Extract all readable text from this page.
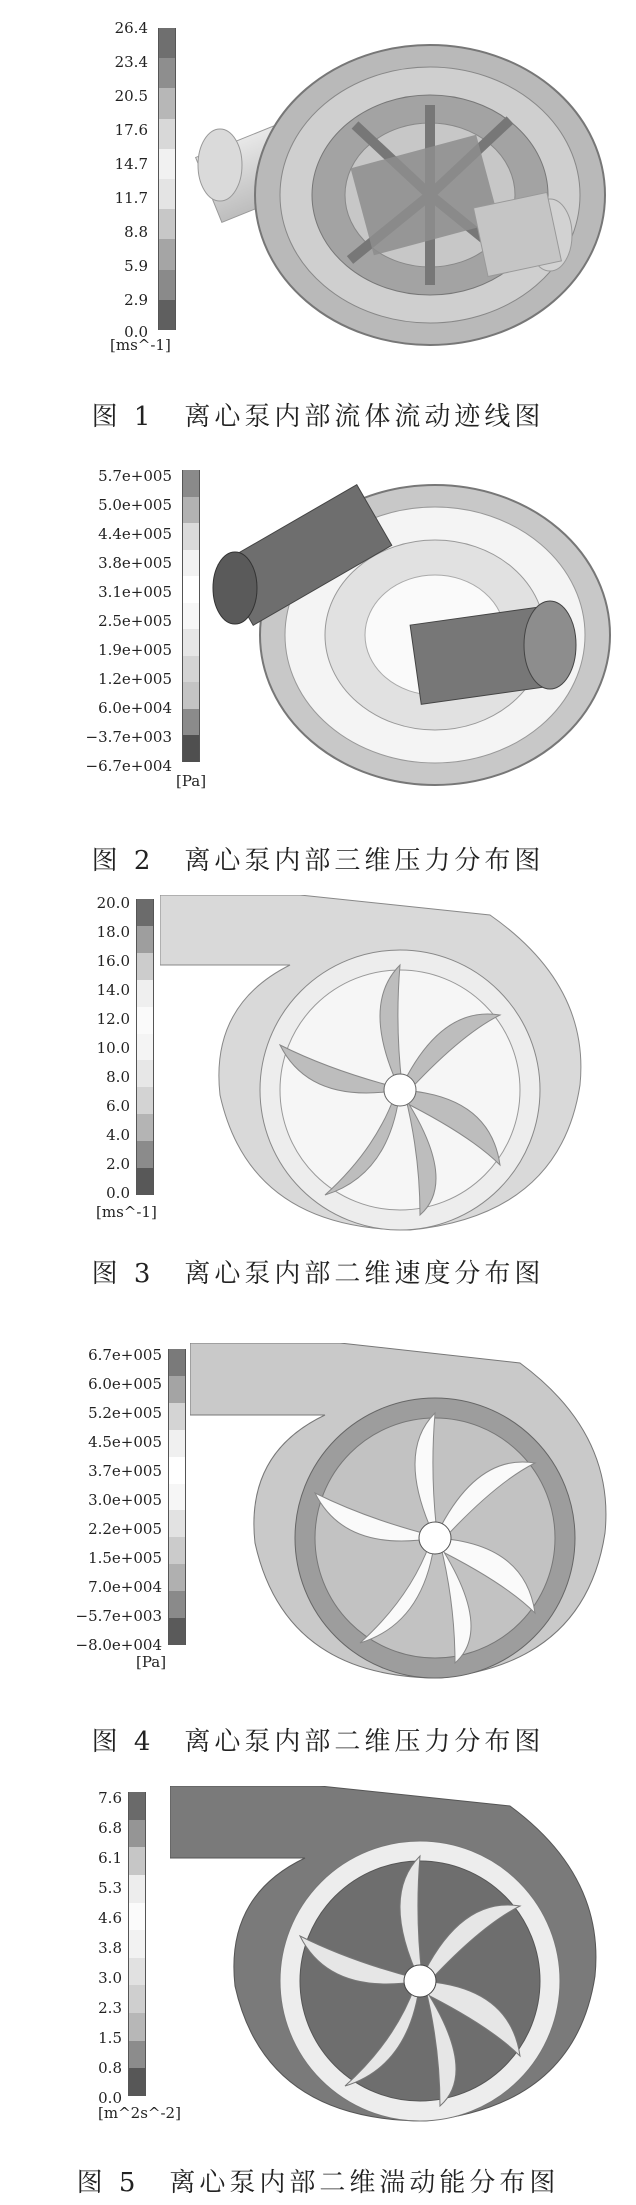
26.4
23.4
20.5
17.6
14.7
11.7
8.8
5.9
2.9
0.0
[ms^-1]
图 1　离心泵内部流体流动迹线图
5.7e+005
5.0e+005
4.4e+005
3.8e+005
3.1e+005
2.5e+005
1.9e+005
1.2e+005
6.0e+004
−3.7e+003
−6.7e+004
[Pa]
图 2　离心泵内部三维压力分布图
20.0
18.0
16.0
14.0
12.0
10.0
8.0
6.0
4.0
2.0
0.0
[ms^-1]
图 3　离心泵内部二维速度分布图
6.7e+005
6.0e+005
5.2e+005
4.5e+005
3.7e+005
3.0e+005
2.2e+005
1.5e+005
7.0e+004
−5.7e+003
−8.0e+004
[Pa]
图 4　离心泵内部二维压力分布图
7.6
6.8
6.1
5.3
4.6
3.8
3.0
2.3
1.5
0.8
0.0
[m^2s^-2]
图 5　离心泵内部二维湍动能分布图
